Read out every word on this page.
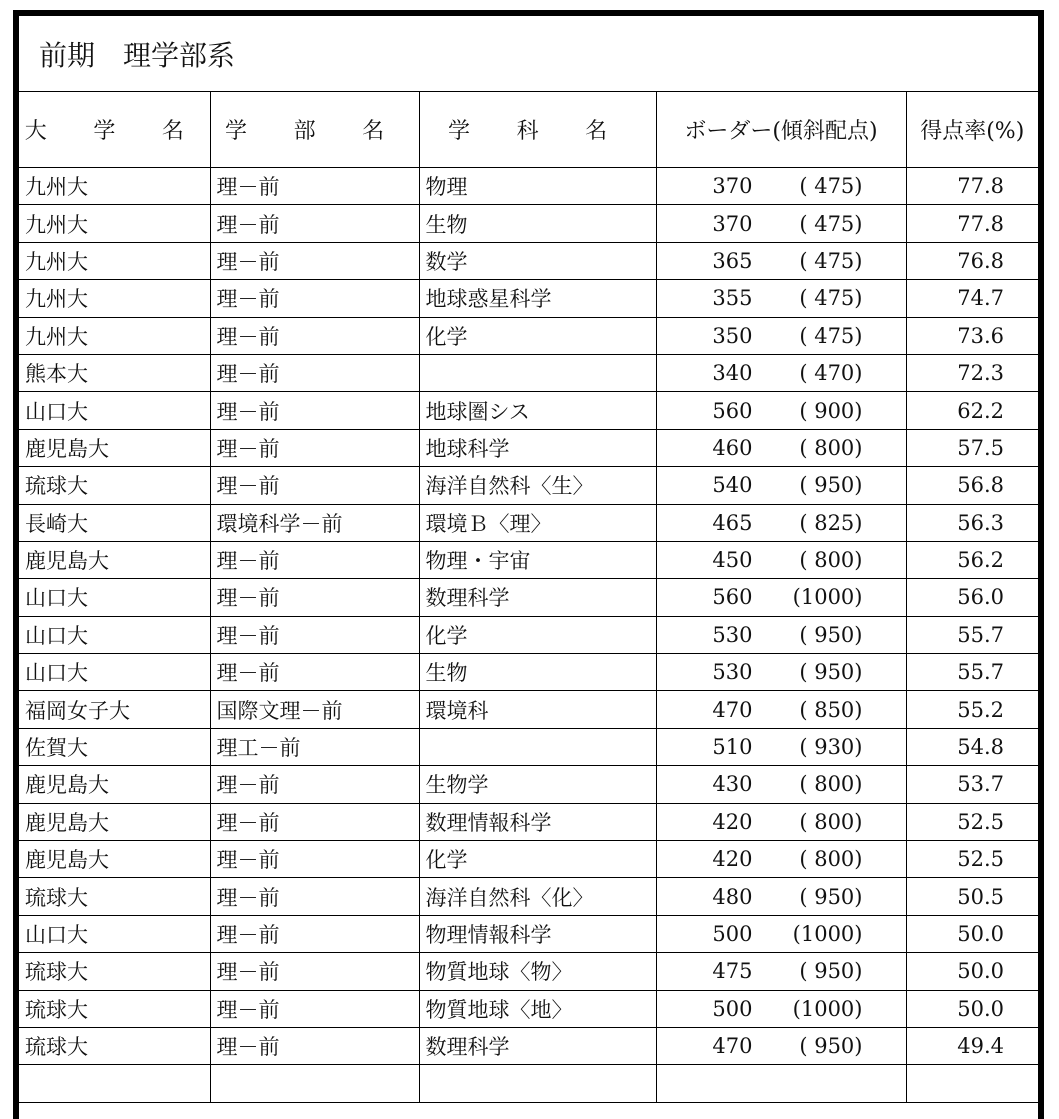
前期　理学部系
大 学 名	学 部 名	学 科 名	ボーダー(傾斜配点)	得点率(%)
九州大	理－前	物理	370 ( 475)	77.8
九州大	理－前	生物	370 ( 475)	77.8
九州大	理－前	数学	365 ( 475)	76.8
九州大	理－前	地球惑星科学	355 ( 475)	74.7
九州大	理－前	化学	350 ( 475)	73.6
熊本大	理－前		340 ( 470)	72.3
山口大	理－前	地球圏シス	560 ( 900)	62.2
鹿児島大	理－前	地球科学	460 ( 800)	57.5
琉球大	理－前	海洋自然科〈生〉	540 ( 950)	56.8
長崎大	環境科学－前	環境Ｂ〈理〉	465 ( 825)	56.3
鹿児島大	理－前	物理・宇宙	450 ( 800)	56.2
山口大	理－前	数理科学	560 (1000)	56.0
山口大	理－前	化学	530 ( 950)	55.7
山口大	理－前	生物	530 ( 950)	55.7
福岡女子大	国際文理－前	環境科	470 ( 850)	55.2
佐賀大	理工－前		510 ( 930)	54.8
鹿児島大	理－前	生物学	430 ( 800)	53.7
鹿児島大	理－前	数理情報科学	420 ( 800)	52.5
鹿児島大	理－前	化学	420 ( 800)	52.5
琉球大	理－前	海洋自然科〈化〉	480 ( 950)	50.5
山口大	理－前	物理情報科学	500 (1000)	50.0
琉球大	理－前	物質地球〈物〉	475 ( 950)	50.0
琉球大	理－前	物質地球〈地〉	500 (1000)	50.0
琉球大	理－前	数理科学	470 ( 950)	49.4
